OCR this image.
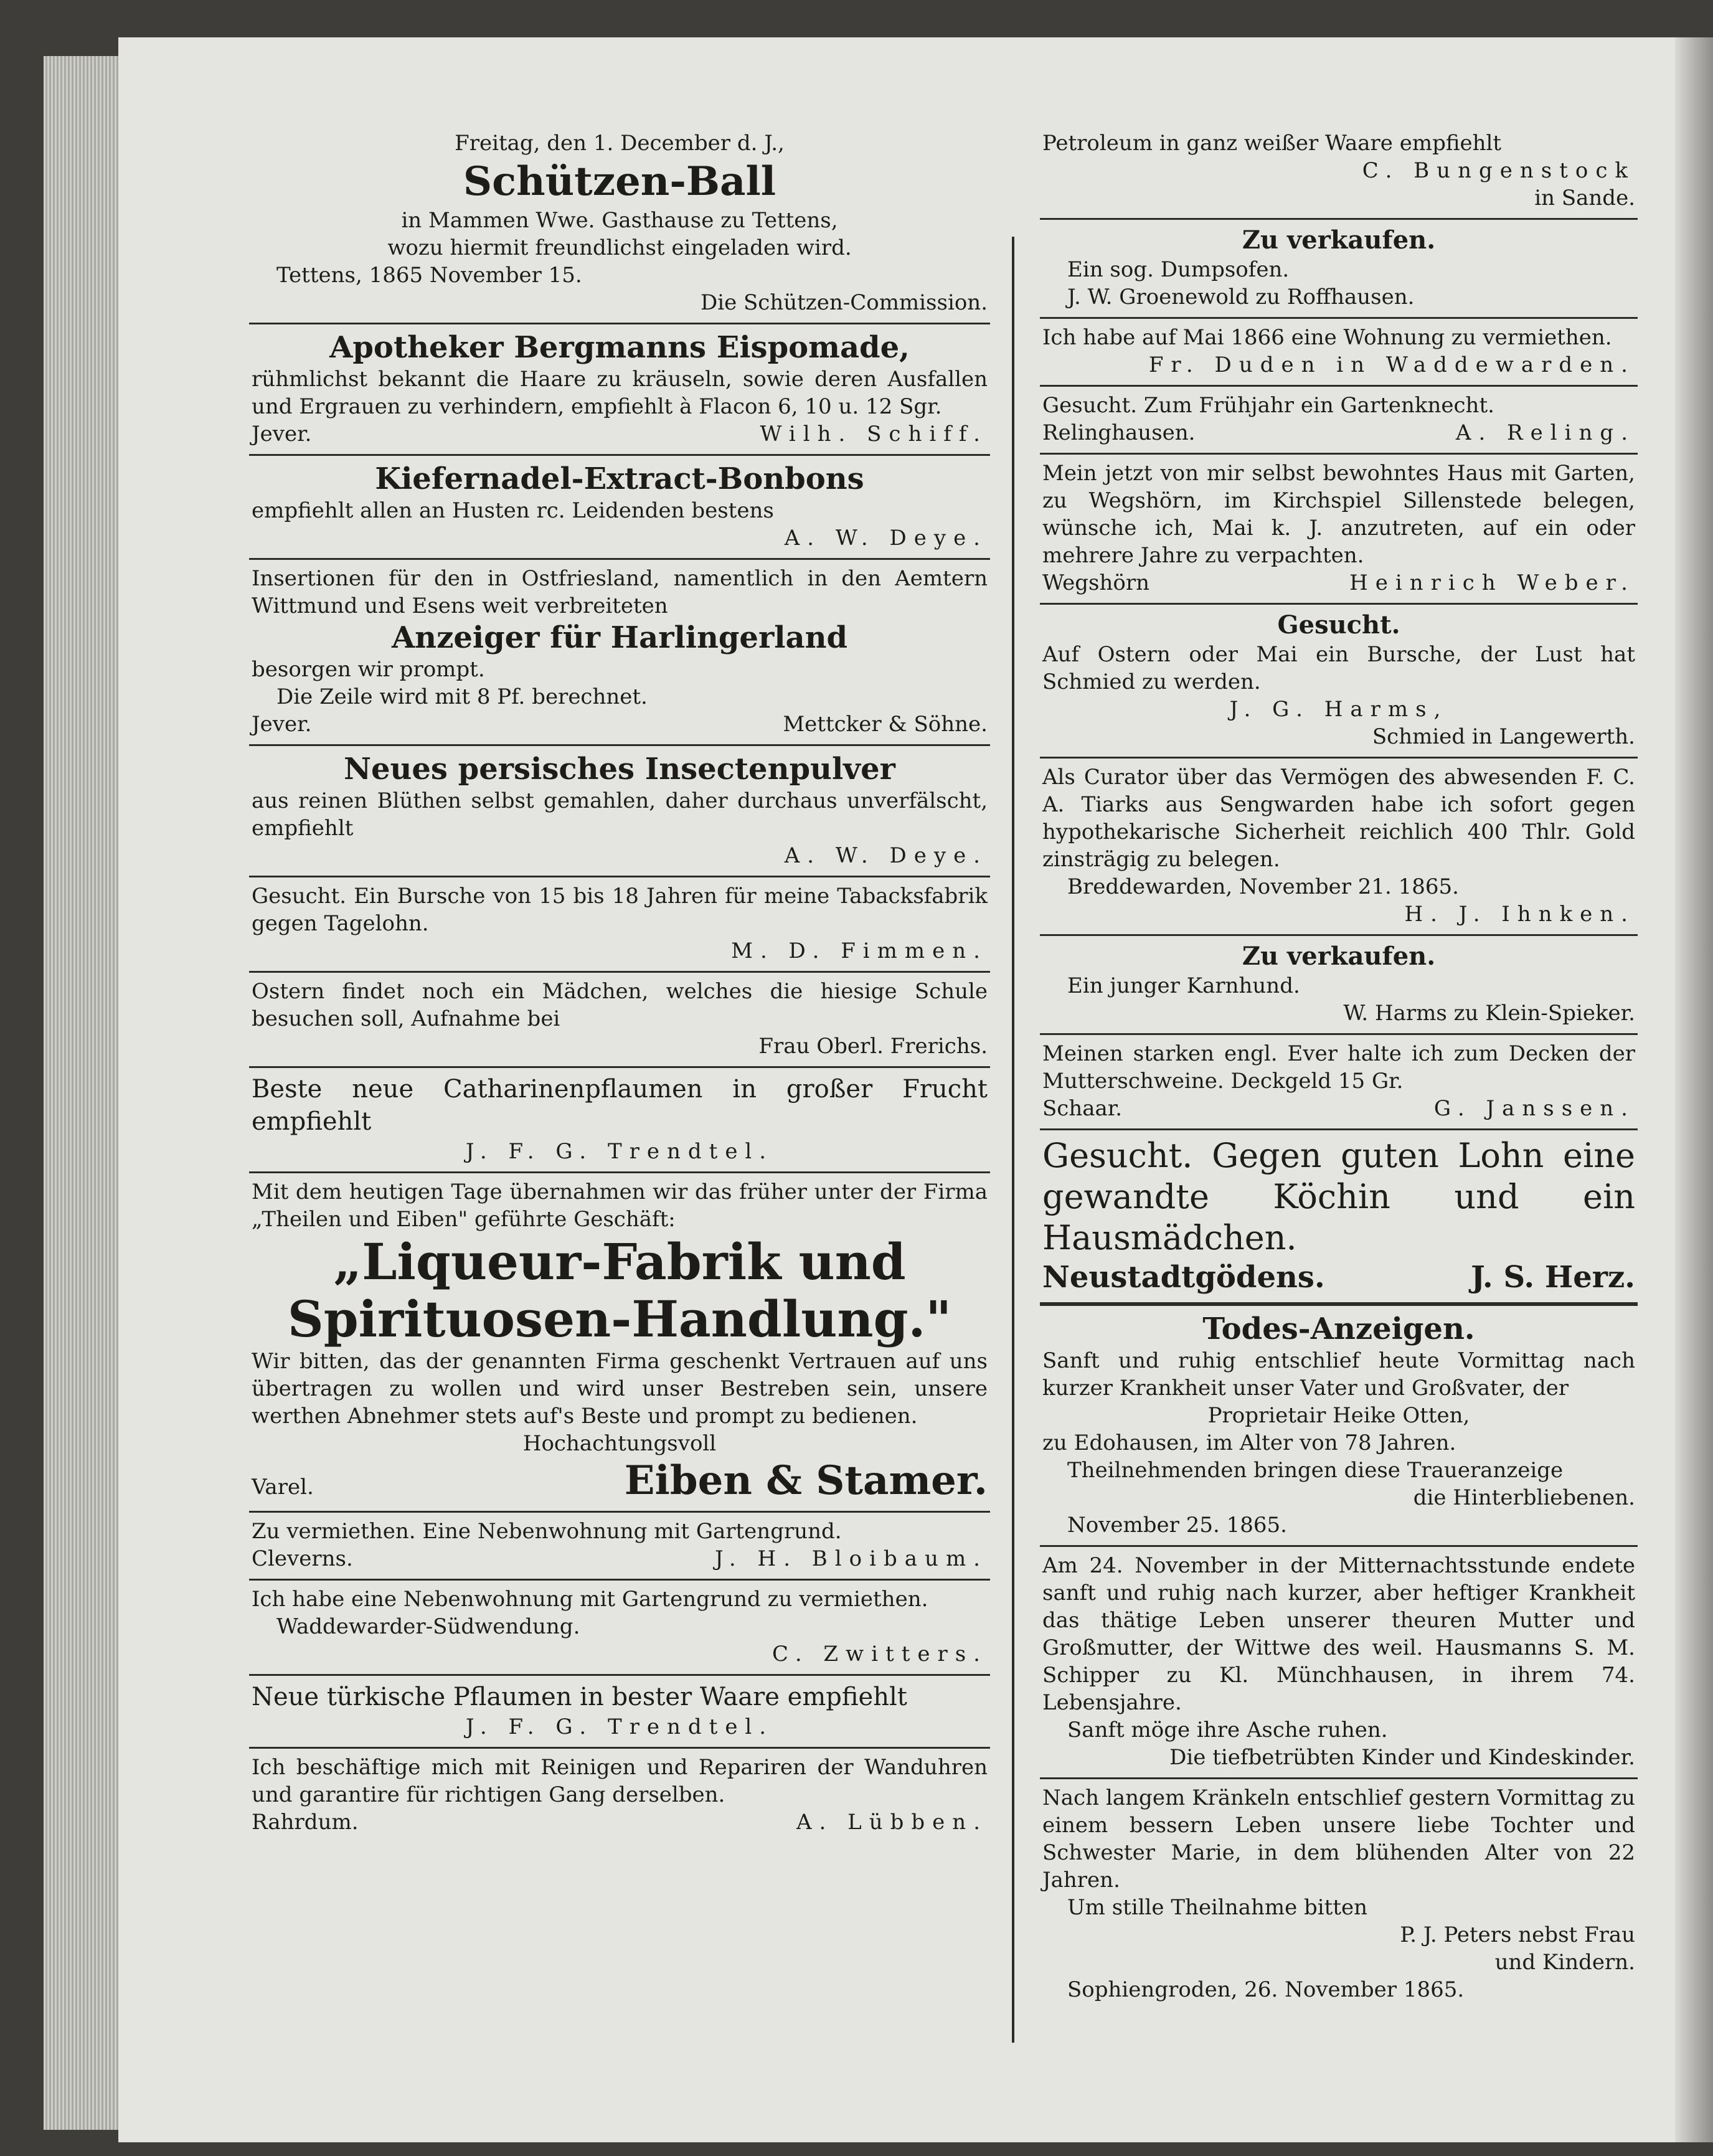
Freitag, den 1. December d. J.,
Schützen-Ball
in Mammen Wwe. Gasthause zu Tettens,
wozu hiermit freundlichst eingeladen wird.
Tettens, 1865 November 15.
Die Schützen-Commission.
Apotheker Bergmanns Eispomade,
rühmlichst bekannt die Haare zu kräuseln, sowie deren Ausfallen und Ergrauen zu verhindern, empfiehlt à Flacon 6, 10 u. 12 Sgr.
Jever.	Wilh. Schiff.
Kiefernadel-Extract-Bonbons
empfiehlt allen an Husten rc. Leidenden bestens
A. W. Deye.
Insertionen für den in Ostfriesland, namentlich in den Aemtern Wittmund und Esens weit verbreiteten
Anzeiger für Harlingerland
besorgen wir prompt.
Die Zeile wird mit 8 Pf. berechnet.
Jever.	Mettcker & Söhne.
Neues persisches Insectenpulver
aus reinen Blüthen selbst gemahlen, daher durchaus unverfälscht, empfiehlt
A. W. Deye.
Gesucht. Ein Bursche von 15 bis 18 Jahren für meine Tabacksfabrik gegen Tagelohn.
M. D. Fimmen.
Ostern findet noch ein Mädchen, welches die hiesige Schule besuchen soll, Aufnahme bei
Frau Oberl. Frerichs.
Beste neue Catharinenpflaumen in großer Frucht empfiehlt
J. F. G. Trendtel.
Mit dem heutigen Tage übernahmen wir das früher unter der Firma „Theilen und Eiben" geführte Geschäft:
„Liqueur-Fabrik und
Spirituosen-Handlung."
Wir bitten, das der genannten Firma geschenkt Vertrauen auf uns übertragen zu wollen und wird unser Bestreben sein, unsere werthen Abnehmer stets auf's Beste und prompt zu bedienen.
Hochachtungsvoll
Varel.	Eiben & Stamer.
Zu vermiethen. Eine Nebenwohnung mit Gartengrund.
Cleverns.	J. H. Bloibaum.
Ich habe eine Nebenwohnung mit Gartengrund zu vermiethen.
Waddewarder-Südwendung.
C. Zwitters.
Neue türkische Pflaumen in bester Waare empfiehlt
J. F. G. Trendtel.
Ich beschäftige mich mit Reinigen und Repariren der Wanduhren und garantire für richtigen Gang derselben.
Rahrdum.	A. Lübben.
Petroleum in ganz weißer Waare empfiehlt
C. Bungenstock
in Sande.
Zu verkaufen.
Ein sog. Dumpsofen.
J. W. Groenewold zu Roffhausen.
Ich habe auf Mai 1866 eine Wohnung zu vermiethen.
Fr. Duden in Waddewarden.
Gesucht. Zum Frühjahr ein Gartenknecht.
Relinghausen.	A. Reling.
Mein jetzt von mir selbst bewohntes Haus mit Garten, zu Wegshörn, im Kirchspiel Sillenstede belegen, wünsche ich, Mai k. J. anzutreten, auf ein oder mehrere Jahre zu verpachten.
Wegshörn	Heinrich Weber.
Gesucht.
Auf Ostern oder Mai ein Bursche, der Lust hat Schmied zu werden.
J. G. Harms,
Schmied in Langewerth.
Als Curator über das Vermögen des abwesenden F. C. A. Tiarks aus Sengwarden habe ich sofort gegen hypothekarische Sicherheit reichlich 400 Thlr. Gold zinsträgig zu belegen.
Breddewarden, November 21. 1865.
H. J. Ihnken.
Zu verkaufen.
Ein junger Karnhund.
W. Harms zu Klein-Spieker.
Meinen starken engl. Ever halte ich zum Decken der Mutterschweine. Deckgeld 15 Gr.
Schaar.	G. Janssen.
Gesucht. Gegen guten Lohn eine gewandte Köchin und ein Hausmädchen.
Neustadtgödens.	J. S. Herz.
Todes-Anzeigen.
Sanft und ruhig entschlief heute Vormittag nach kurzer Krankheit unser Vater und Großvater, der
Proprietair Heike Otten,
zu Edohausen, im Alter von 78 Jahren.
Theilnehmenden bringen diese Traueranzeige
die Hinterbliebenen.
November 25. 1865.
Am 24. November in der Mitternachtsstunde endete sanft und ruhig nach kurzer, aber heftiger Krankheit das thätige Leben unserer theuren Mutter und Großmutter, der Wittwe des weil. Hausmanns S. M. Schipper zu Kl. Münchhausen, in ihrem 74. Lebensjahre.
Sanft möge ihre Asche ruhen.
Die tiefbetrübten Kinder und Kindeskinder.
Nach langem Kränkeln entschlief gestern Vormittag zu einem bessern Leben unsere liebe Tochter und Schwester Marie, in dem blühenden Alter von 22 Jahren.
Um stille Theilnahme bitten
P. J. Peters nebst Frau
und Kindern.
Sophiengroden, 26. November 1865.
